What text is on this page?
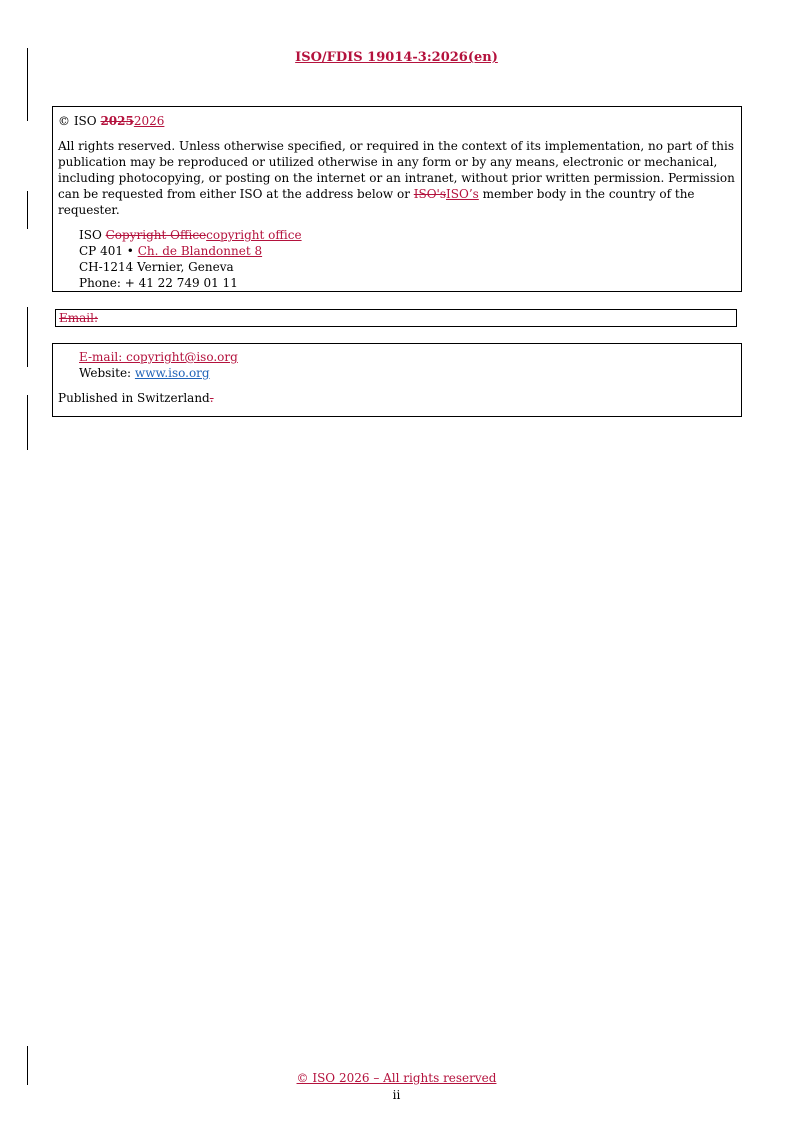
ISO/FDIS 19014-3:2026(en)

© ISO 20252026

All rights reserved. Unless otherwise specified, or required in the context of its implementation, no part of this publication may be reproduced or utilized otherwise in any form or by any means, electronic or mechanical, including photocopying, or posting on the internet or an intranet, without prior written permission. Permission can be requested from either ISO at the address below or ISO'sISO’s member body in the country of the requester.

ISO Copyright Officecopyright office

CP 401 • Ch. de Blandonnet 8

CH-1214 Vernier, Geneva

Phone: + 41 22 749 01 11

Email:

E-mail: copyright@iso.org

Website: www.iso.org

Published in Switzerland.

© ISO 2026 – All rights reserved
ii
